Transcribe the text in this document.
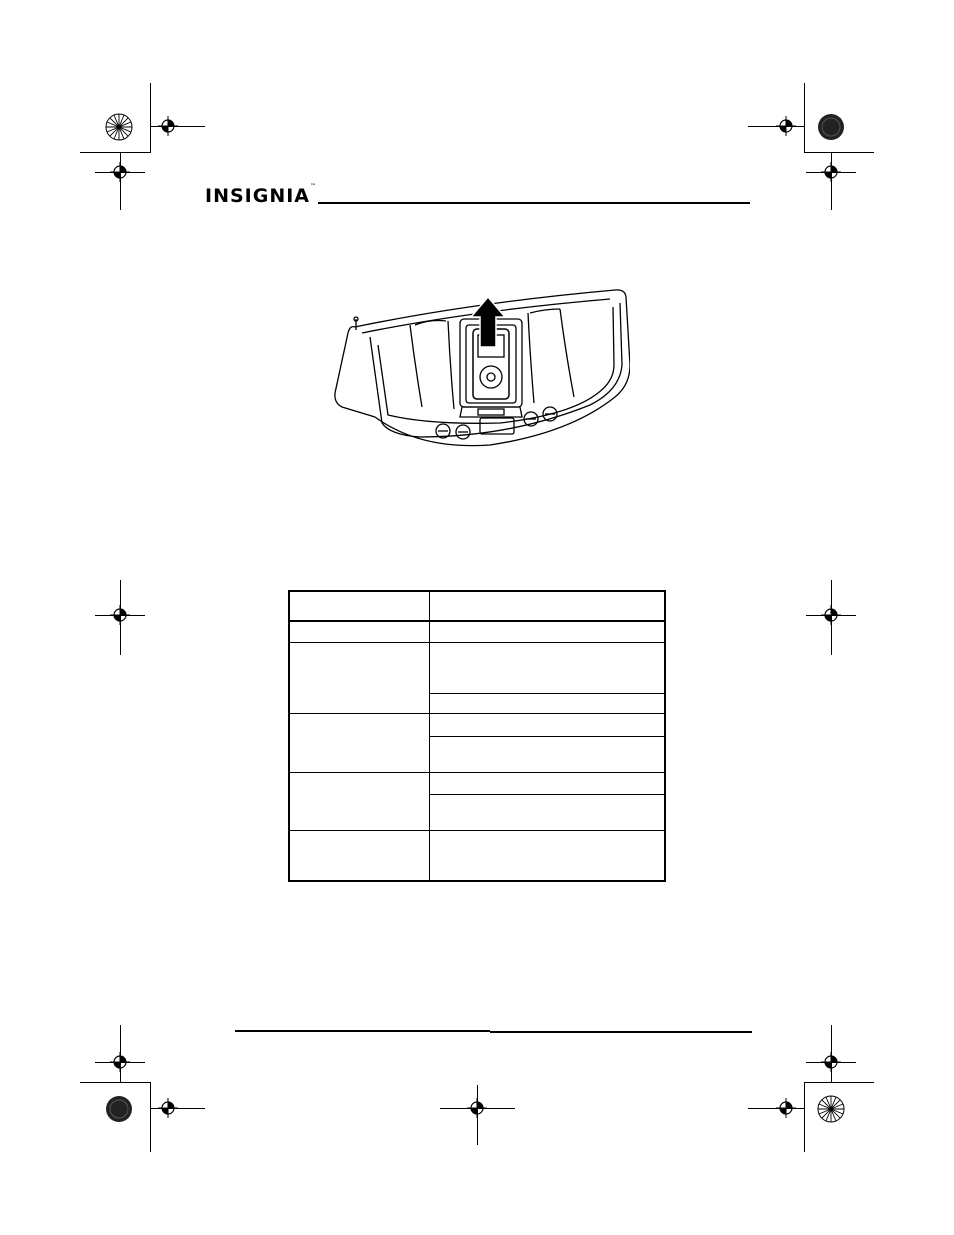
INSIGNIA™
